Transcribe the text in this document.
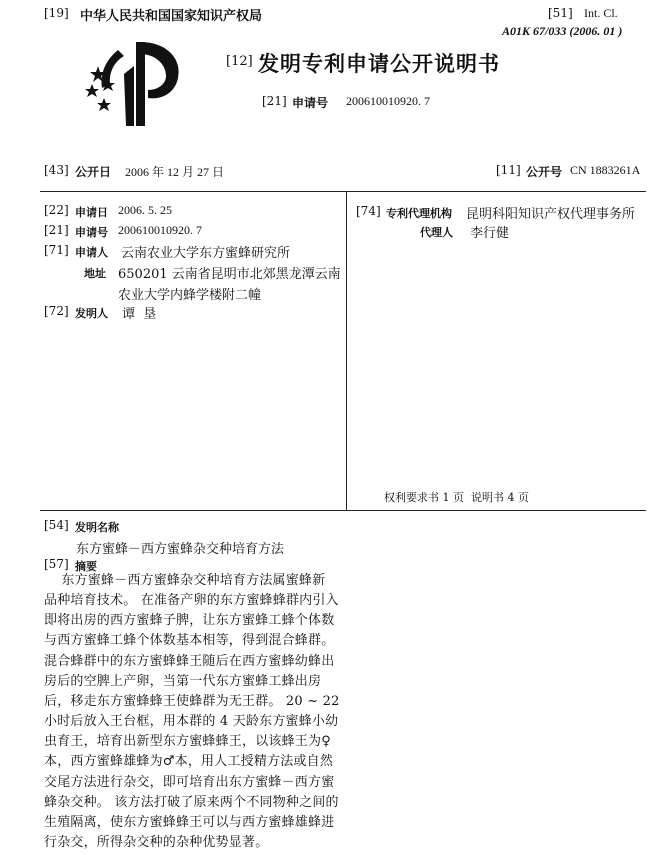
[19] 中华人民共和国国家知识产权局	[51] Int. Cl.
A01K 67/033 (2006. 01 )
[12] 发明专利申请公开说明书
[21] 申请号 200610010920. 7
[43] 公开日 2006 年 12 月 27 日	[11] 公开号 CN 1883261A
[22] 申请日 2006. 5. 25
[21] 申请号 200610010920. 7
[71] 申请人 云南农业大学东方蜜蜂研究所
地址 650201 云南省昆明市北郊黑龙潭云南
农业大学内蜂学楼附二幢
[72] 发明人 谭  垦
[74] 专利代理机构 昆明科阳知识产权代理事务所
代理人 李行健
权利要求书 1 页  说明书 4 页
[54] 发明名称
东方蜜蜂－西方蜜蜂杂交种培育方法
[57] 摘要
东方蜜蜂－西方蜜蜂杂交种培育方法属蜜蜂新
品种培育技术。 在准备产卵的东方蜜蜂蜂群内引入
即将出房的西方蜜蜂子脾，让东方蜜蜂工蜂个体数
与西方蜜蜂工蜂个体数基本相等，得到混合蜂群。
混合蜂群中的东方蜜蜂蜂王随后在西方蜜蜂幼蜂出
房后的空脾上产卵，当第一代东方蜜蜂工蜂出房
后，移走东方蜜蜂蜂王使蜂群为无王群。 20 ~ 22
小时后放入王台框，用本群的 4 天龄东方蜜蜂小幼
虫育王，培育出新型东方蜜蜂蜂王，以该蜂王为♀
本，西方蜜蜂雄蜂为♂本，用人工授精方法或自然
交尾方法进行杂交，即可培育出东方蜜蜂－西方蜜
蜂杂交种。 该方法打破了原来两个不同物种之间的
生殖隔离，使东方蜜蜂蜂王可以与西方蜜蜂雄蜂进
行杂交，所得杂交种的杂种优势显著。
